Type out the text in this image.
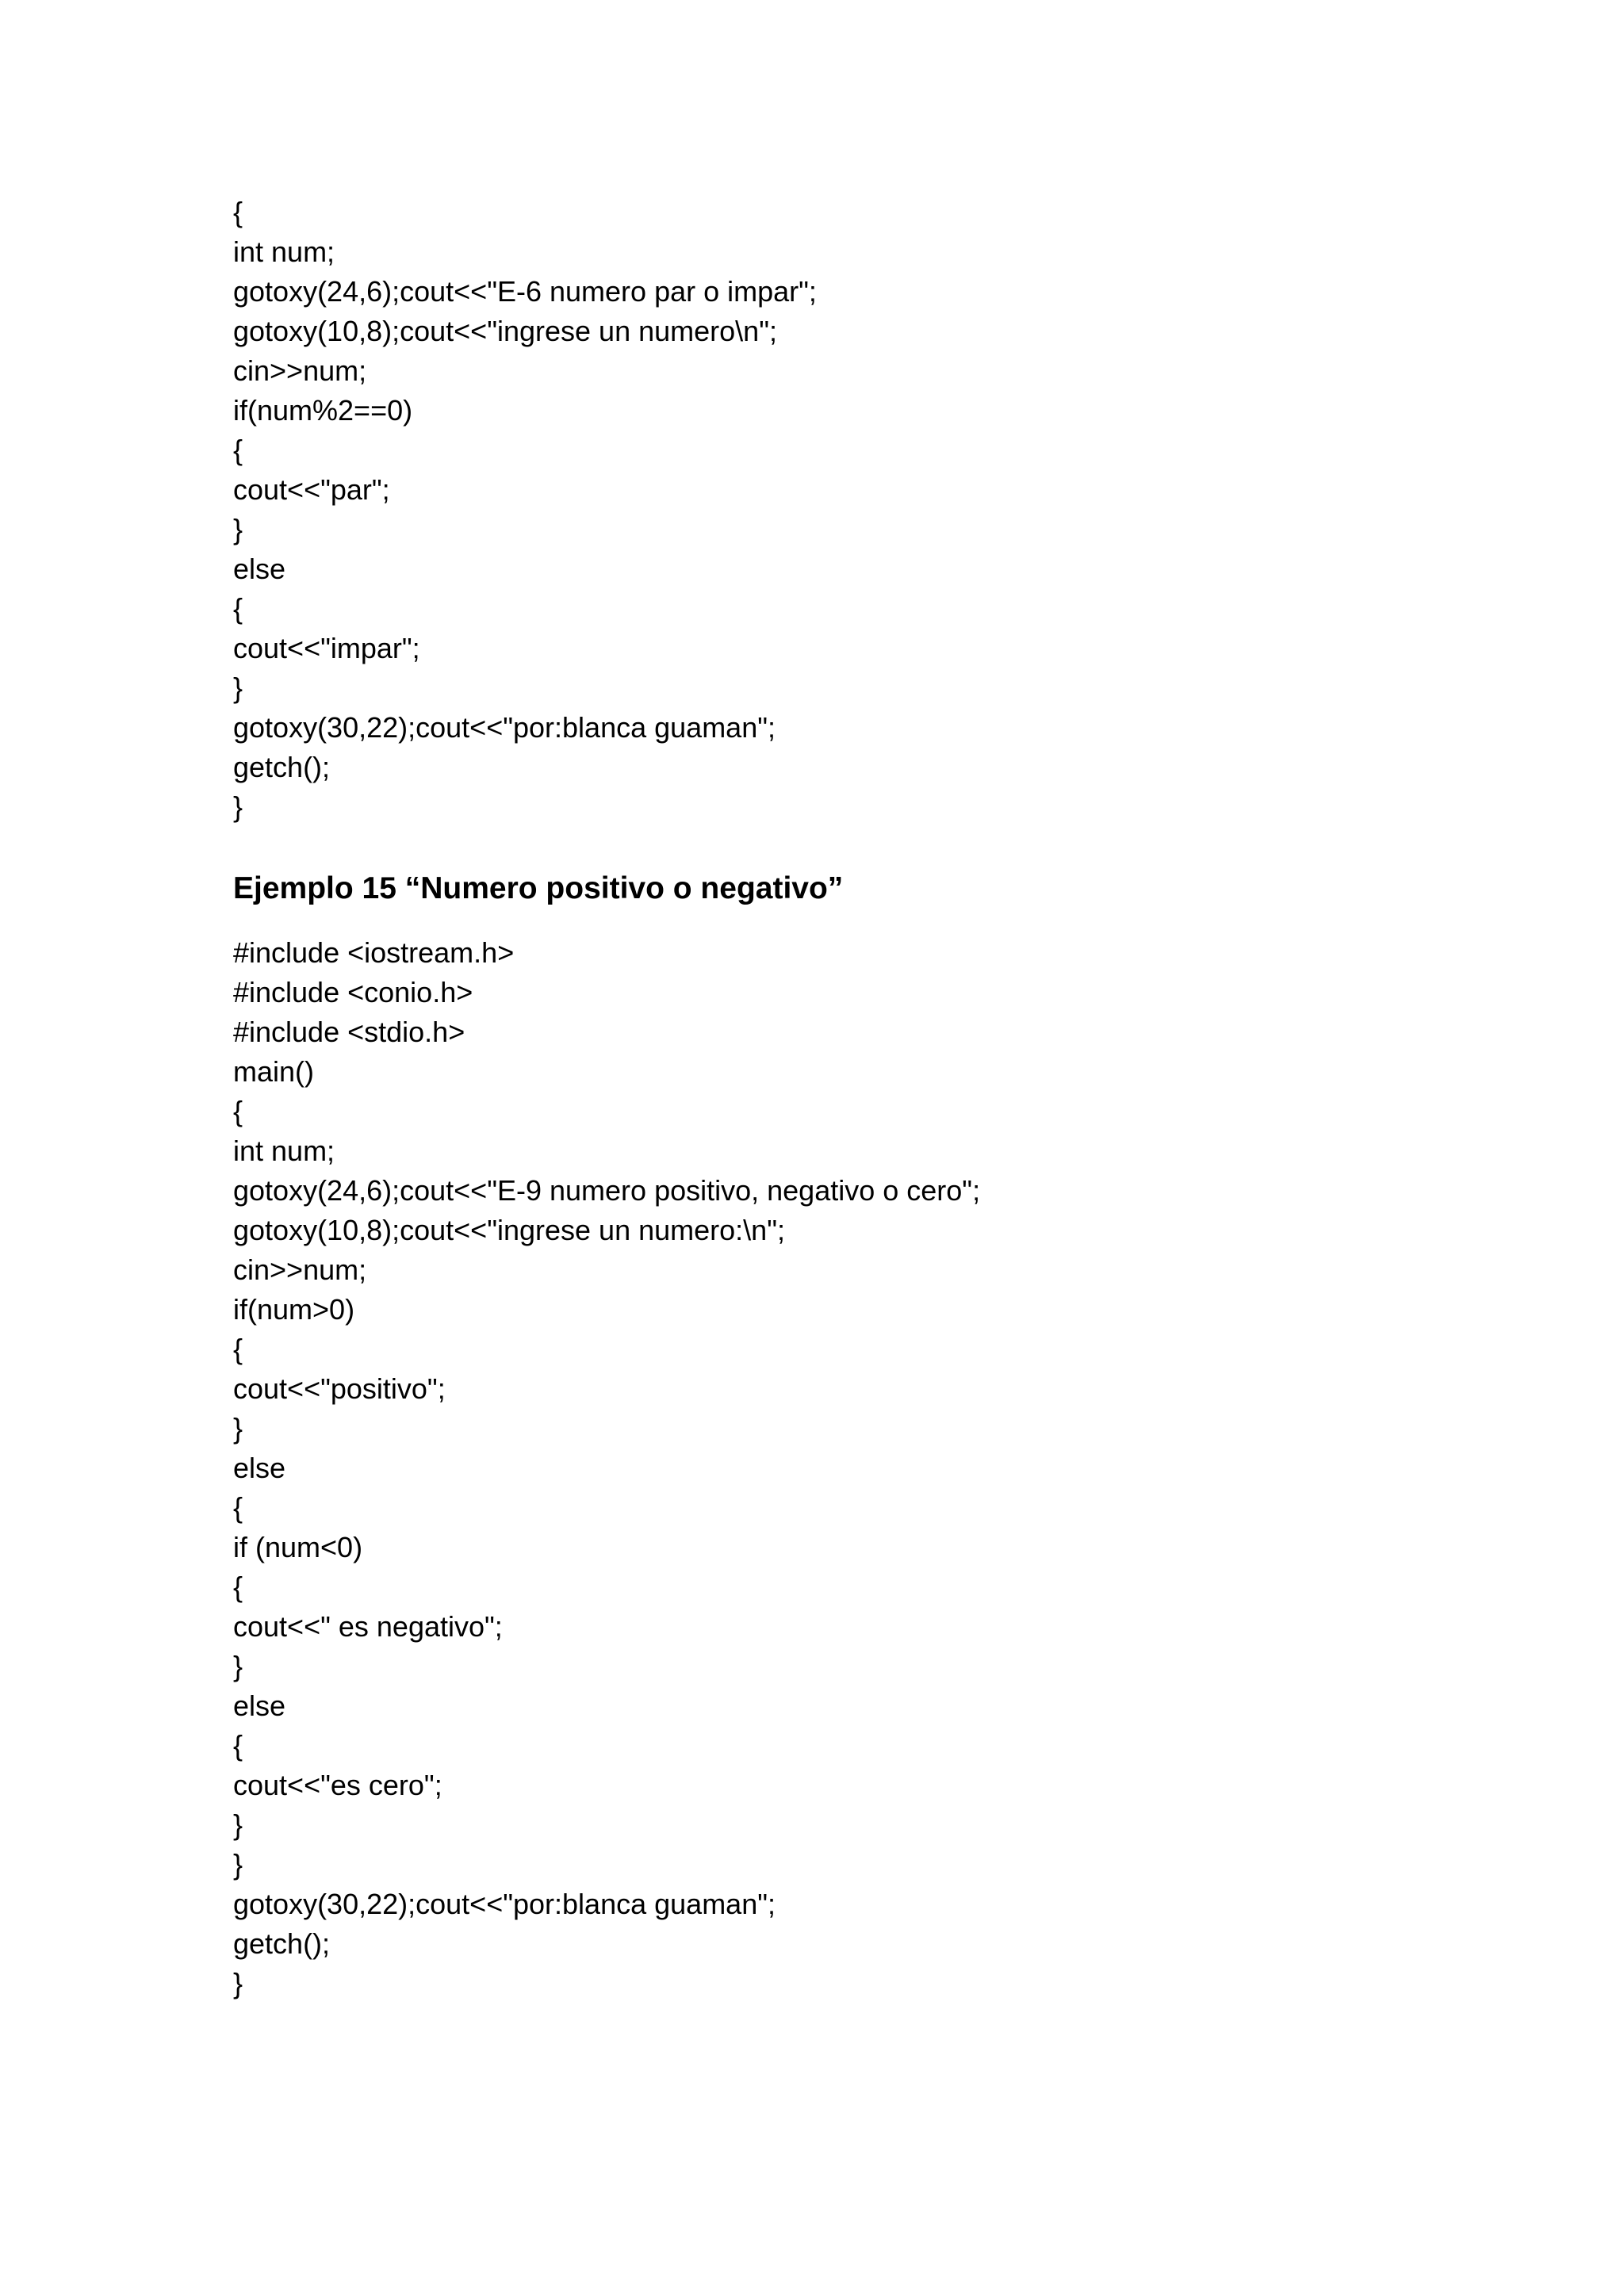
{
int num;
gotoxy(24,6);cout<<"E-6 numero par o impar";
gotoxy(10,8);cout<<"ingrese un numero\n";
cin>>num;
if(num%2==0)
{
cout<<"par";
}
else
{
cout<<"impar";
}
gotoxy(30,22);cout<<"por:blanca guaman";
getch();
}
Ejemplo 15 “Numero positivo o negativo”
#include <iostream.h>
#include <conio.h>
#include <stdio.h>
main()
{
int num;
gotoxy(24,6);cout<<"E-9 numero positivo, negativo o cero";
gotoxy(10,8);cout<<"ingrese un numero:\n";
cin>>num;
if(num>0)
{
cout<<"positivo";
}
else
{
if (num<0)
{
cout<<" es negativo";
}
else
{
cout<<"es cero";
}
}
gotoxy(30,22);cout<<"por:blanca guaman";
getch();
}
